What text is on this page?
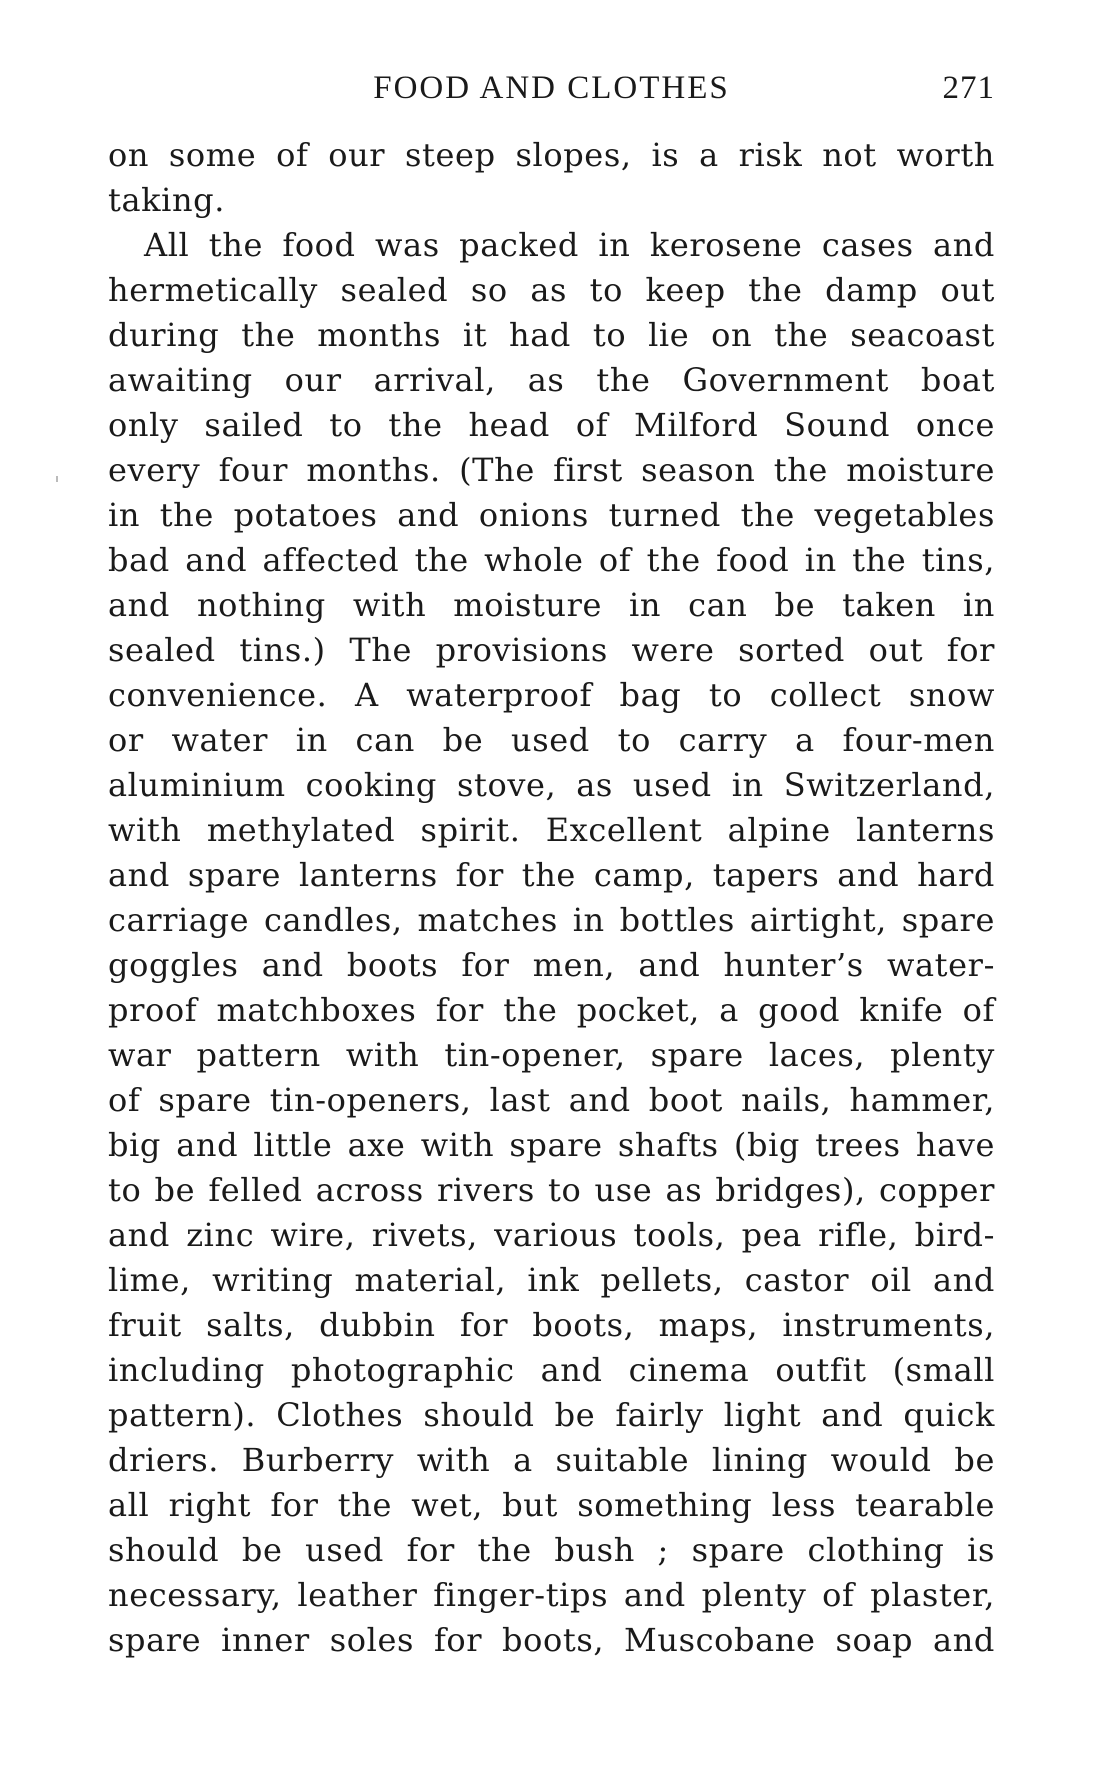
FOOD AND CLOTHES	271
on some of our steep slopes, is a risk not worth
taking.
All the food was packed in kerosene cases and
hermetically sealed so as to keep the damp out
during the months it had to lie on the seacoast
awaiting our arrival, as the Government boat
only sailed to the head of Milford Sound once
every four months. (The first season the moisture
in the potatoes and onions turned the vegetables
bad and affected the whole of the food in the tins,
and nothing with moisture in can be taken in
sealed tins.) The provisions were sorted out for
convenience. A waterproof bag to collect snow
or water in can be used to carry a four-men
aluminium cooking stove, as used in Switzerland,
with methylated spirit. Excellent alpine lanterns
and spare lanterns for the camp, tapers and hard
carriage candles, matches in bottles airtight, spare
goggles and boots for men, and hunter’s water-
proof matchboxes for the pocket, a good knife of
war pattern with tin-opener, spare laces, plenty
of spare tin-openers, last and boot nails, hammer,
big and little axe with spare shafts (big trees have
to be felled across rivers to use as bridges), copper
and zinc wire, rivets, various tools, pea rifle, bird-
lime, writing material, ink pellets, castor oil and
fruit salts, dubbin for boots, maps, instruments,
including photographic and cinema outfit (small
pattern). Clothes should be fairly light and quick
driers. Burberry with a suitable lining would be
all right for the wet, but something less tearable
should be used for the bush ; spare clothing is
necessary, leather finger-tips and plenty of plaster,
spare inner soles for boots, Muscobane soap and
